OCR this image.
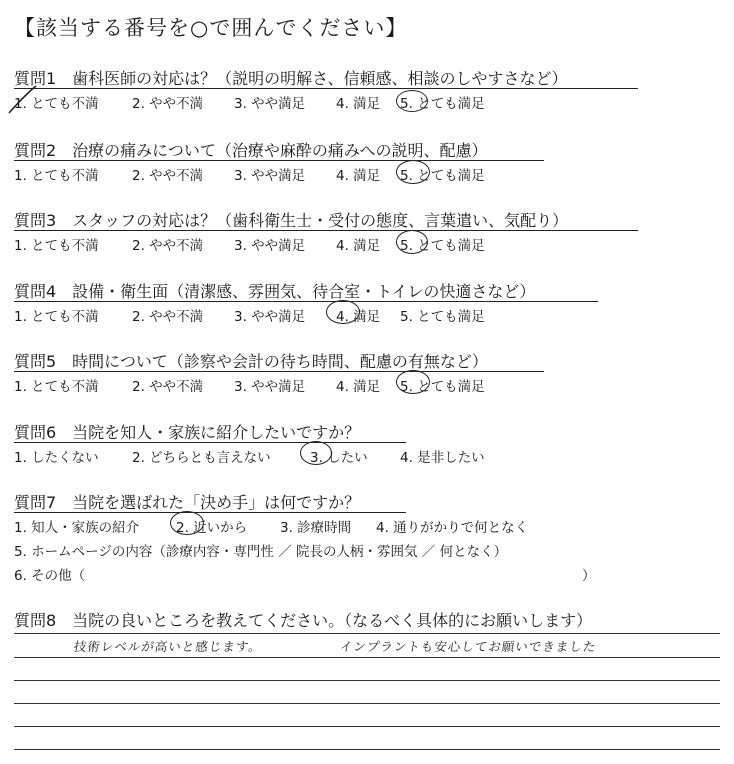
【該当する番号を○で囲んでください】
質問1　歯科医師の対応は？（説明の明解さ、信頼感、相談のしやすさなど）
1. とても不満 2. やや不満 3. やや満足 4. 満足 5. とても満足
質問2　治療の痛みについて（治療や麻酔の痛みへの説明、配慮）
1. とても不満 2. やや不満 3. やや満足 4. 満足 5. とても満足
質問3　スタッフの対応は？（歯科衛生士・受付の態度、言葉遣い、気配り）
1. とても不満 2. やや不満 3. やや満足 4. 満足 5. とても満足
質問4　設備・衛生面（清潔感、雰囲気、待合室・トイレの快適さなど）
1. とても不満 2. やや不満 3. やや満足 4. 満足 5. とても満足
質問5　時間について（診察や会計の待ち時間、配慮の有無など）
1. とても不満 2. やや不満 3. やや満足 4. 満足 5. とても満足
質問6　当院を知人・家族に紹介したいですか？
1. したくない 2. どちらとも言えない	3. したい 4. 是非したい
質問7　当院を選ばれた「決め手」は何ですか？
1. 知人・家族の紹介	2. 近いから 3. 診療時間 4. 通りがかりで何となく
5. ホームページの内容（診療内容・専門性 ／ 院長の人柄・雰囲気 ／ 何となく）
6. その他（	）
質問8　当院の良いところを教えてください。（なるべく具体的にお願いします）
技術レベルが高いと感じます。	インプラントも安心してお願いできました
